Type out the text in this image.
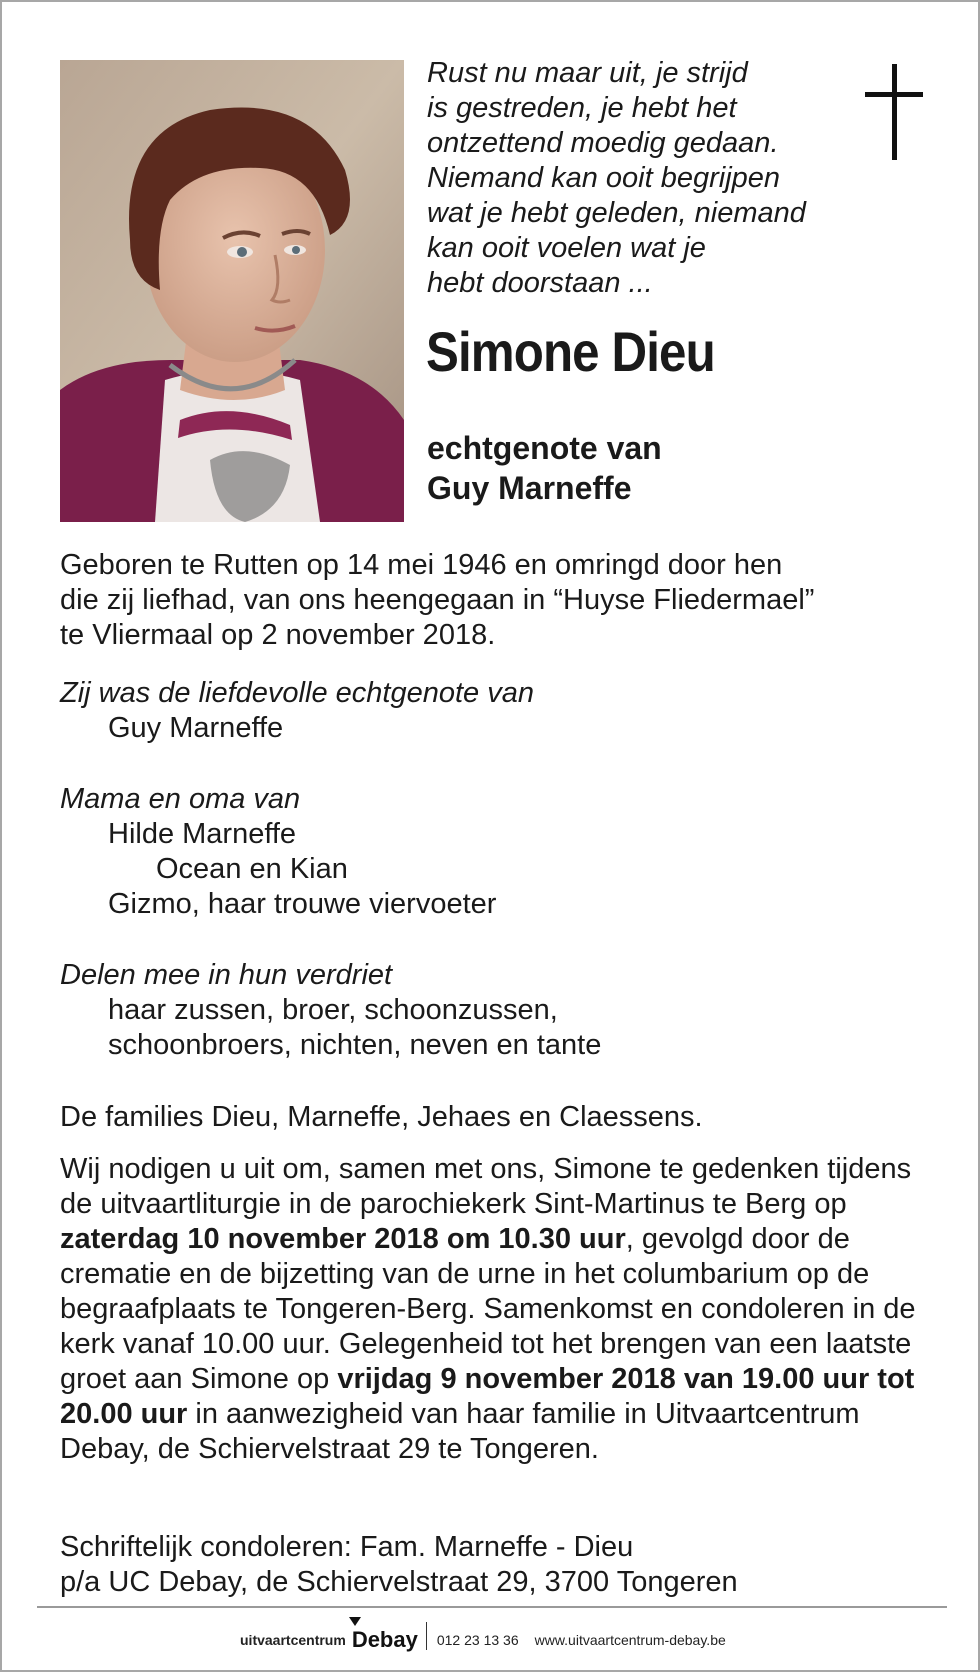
Rust nu maar uit, je strijd
is gestreden, je hebt het
ontzettend moedig gedaan.
Niemand kan ooit begrijpen
wat je hebt geleden, niemand
kan ooit voelen wat je
hebt doorstaan ...
Simone Dieu
echtgenote van
Guy Marneffe
Geboren te Rutten op 14 mei 1946 en omringd door hen
die zij liefhad, van ons heengegaan in “Huyse Fliedermael”
te Vliermaal op 2 november 2018.
Zij was de liefdevolle echtgenote van
Guy Marneffe
Mama en oma van
Hilde Marneffe
Ocean en Kian
Gizmo, haar trouwe viervoeter
Delen mee in hun verdriet
haar zussen, broer, schoonzussen,
schoonbroers, nichten, neven en tante
De families Dieu, Marneffe, Jehaes en Claessens.
Wij nodigen u uit om, samen met ons, Simone te gedenken tijdens de uitvaartliturgie in de parochiekerk Sint-Martinus te Berg op zaterdag 10 november 2018 om 10.30 uur, gevolgd door de crematie en de bijzetting van de urne in het columbarium op de begraafplaats te Tongeren-Berg. Samenkomst en condoleren in de kerk vanaf 10.00 uur. Gelegenheid tot het brengen van een laatste groet aan Simone op vrijdag 9 november 2018 van 19.00 uur tot 20.00 uur in aanwezigheid van haar familie in Uitvaartcentrum Debay, de Schiervelstraat 29 te Tongeren.
Schriftelijk condoleren: Fam. Marneffe - Dieu
p/a UC Debay, de Schiervelstraat 29, 3700 Tongeren
uitvaartcentrum Debay 012 23 13 36	www.uitvaartcentrum-debay.be
